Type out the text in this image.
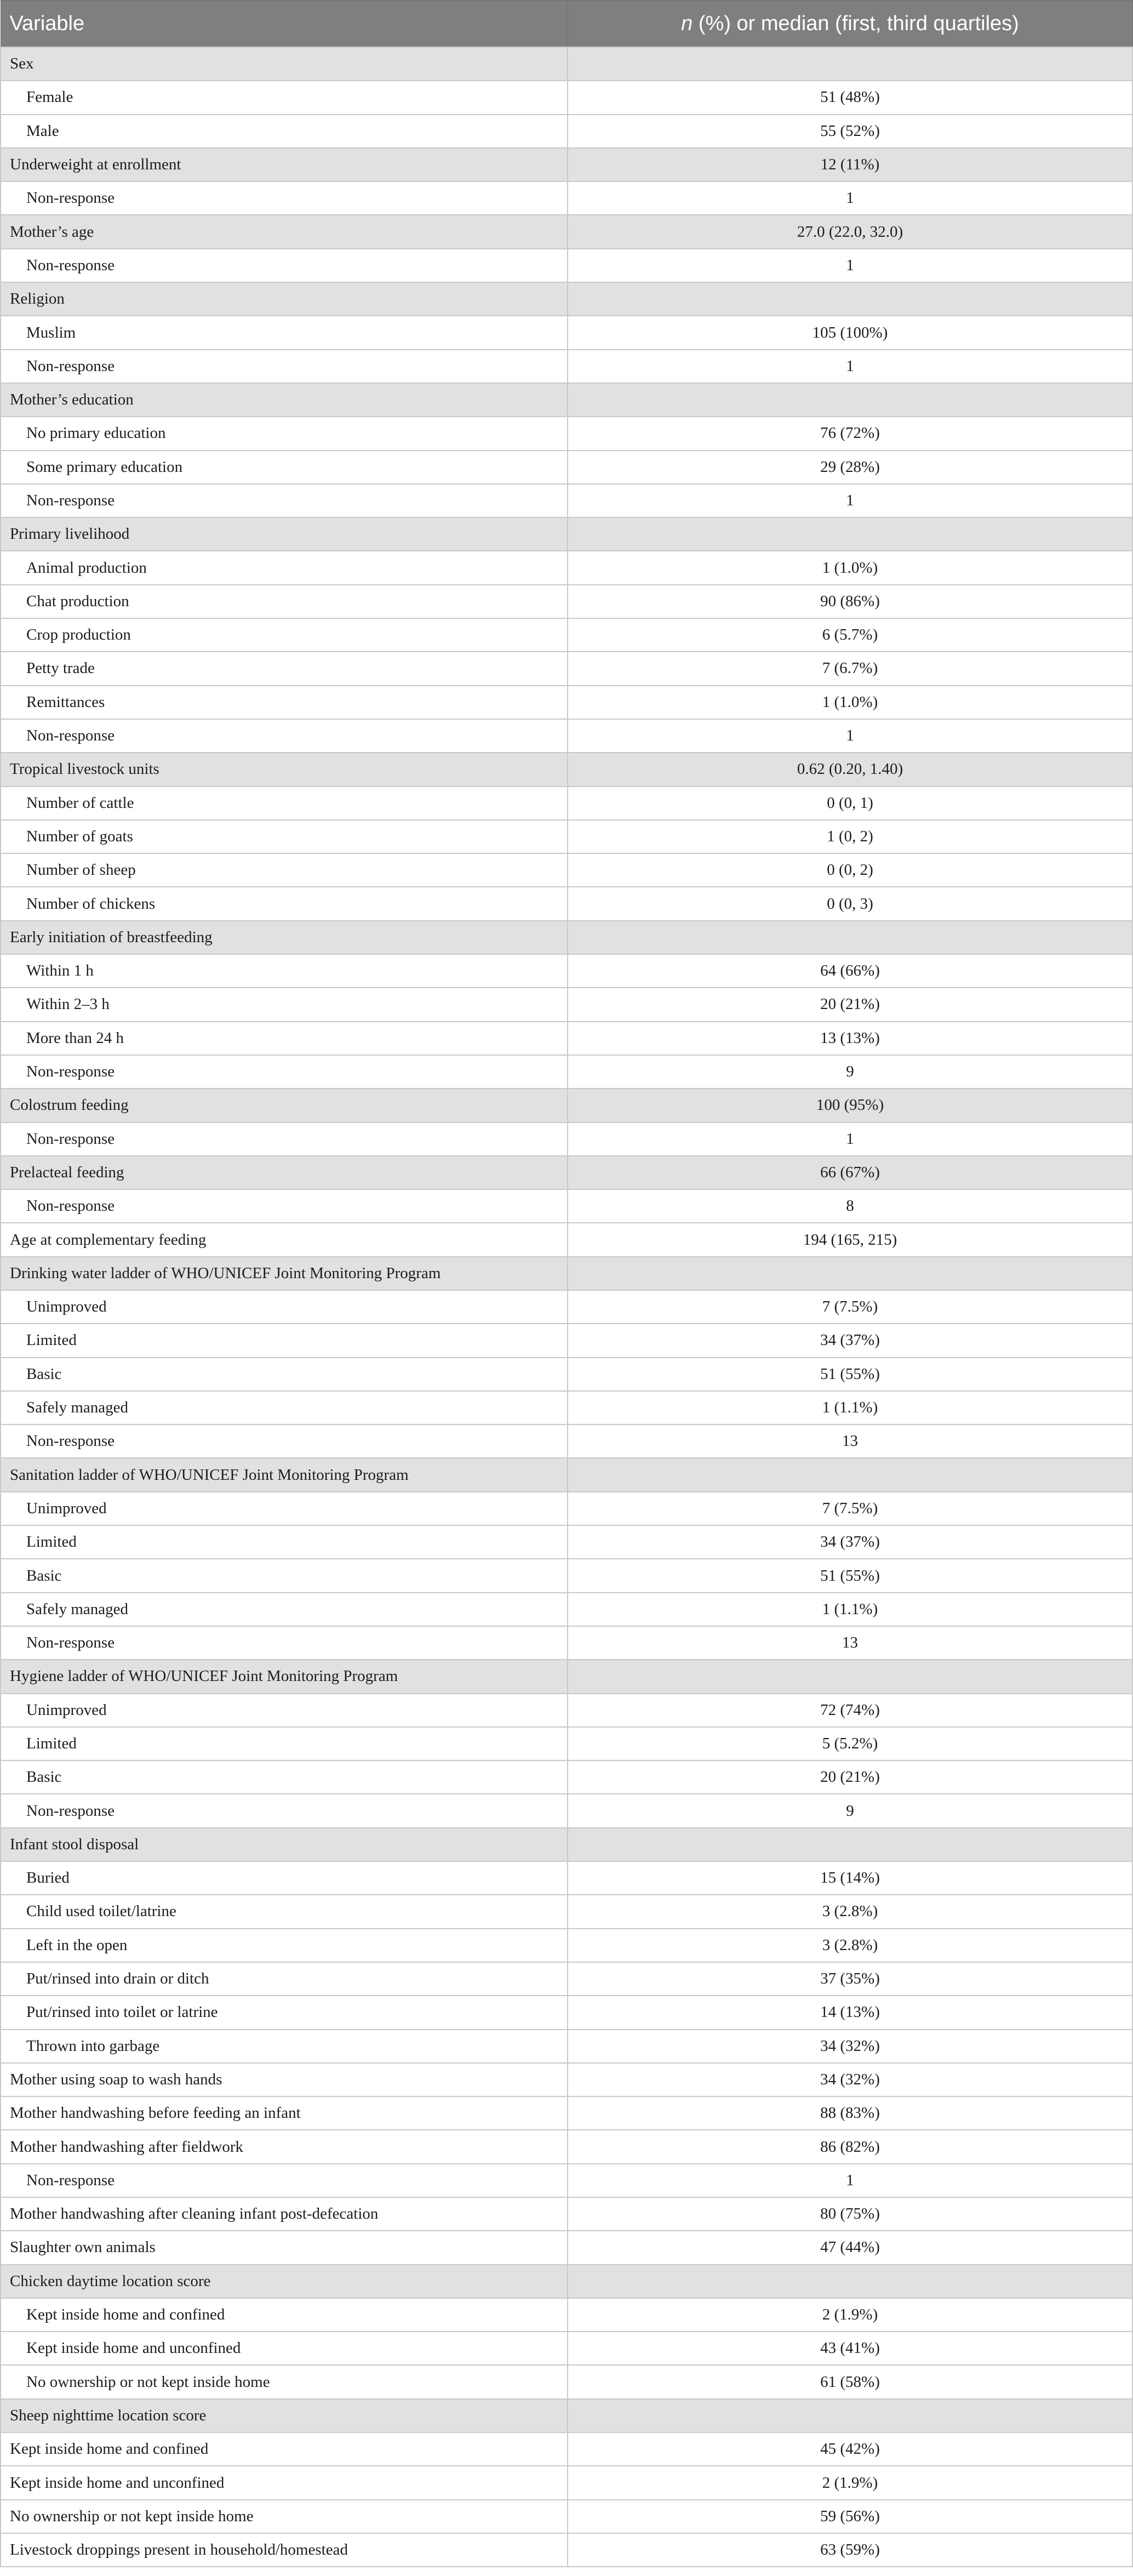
Variable	n (%) or median (first, third quartiles)
Sex	
Female	51 (48%)
Male	55 (52%)
Underweight at enrollment	12 (11%)
Non-response	1
Mother’s age	27.0 (22.0, 32.0)
Non-response	1
Religion	
Muslim	105 (100%)
Non-response	1
Mother’s education	
No primary education	76 (72%)
Some primary education	29 (28%)
Non-response	1
Primary livelihood	
Animal production	1 (1.0%)
Chat production	90 (86%)
Crop production	6 (5.7%)
Petty trade	7 (6.7%)
Remittances	1 (1.0%)
Non-response	1
Tropical livestock units	0.62 (0.20, 1.40)
Number of cattle	0 (0, 1)
Number of goats	1 (0, 2)
Number of sheep	0 (0, 2)
Number of chickens	0 (0, 3)
Early initiation of breastfeeding	
Within 1 h	64 (66%)
Within 2–3 h	20 (21%)
More than 24 h	13 (13%)
Non-response	9
Colostrum feeding	100 (95%)
Non-response	1
Prelacteal feeding	66 (67%)
Non-response	8
Age at complementary feeding	194 (165, 215)
Drinking water ladder of WHO/UNICEF Joint Monitoring Program	
Unimproved	7 (7.5%)
Limited	34 (37%)
Basic	51 (55%)
Safely managed	1 (1.1%)
Non-response	13
Sanitation ladder of WHO/UNICEF Joint Monitoring Program	
Unimproved	7 (7.5%)
Limited	34 (37%)
Basic	51 (55%)
Safely managed	1 (1.1%)
Non-response	13
Hygiene ladder of WHO/UNICEF Joint Monitoring Program	
Unimproved	72 (74%)
Limited	5 (5.2%)
Basic	20 (21%)
Non-response	9
Infant stool disposal	
Buried	15 (14%)
Child used toilet/latrine	3 (2.8%)
Left in the open	3 (2.8%)
Put/rinsed into drain or ditch	37 (35%)
Put/rinsed into toilet or latrine	14 (13%)
Thrown into garbage	34 (32%)
Mother using soap to wash hands	34 (32%)
Mother handwashing before feeding an infant	88 (83%)
Mother handwashing after fieldwork	86 (82%)
Non-response	1
Mother handwashing after cleaning infant post-defecation	80 (75%)
Slaughter own animals	47 (44%)
Chicken daytime location score	
Kept inside home and confined	2 (1.9%)
Kept inside home and unconfined	43 (41%)
No ownership or not kept inside home	61 (58%)
Sheep nighttime location score	
Kept inside home and confined	45 (42%)
Kept inside home and unconfined	2 (1.9%)
No ownership or not kept inside home	59 (56%)
Livestock droppings present in household/homestead	63 (59%)
